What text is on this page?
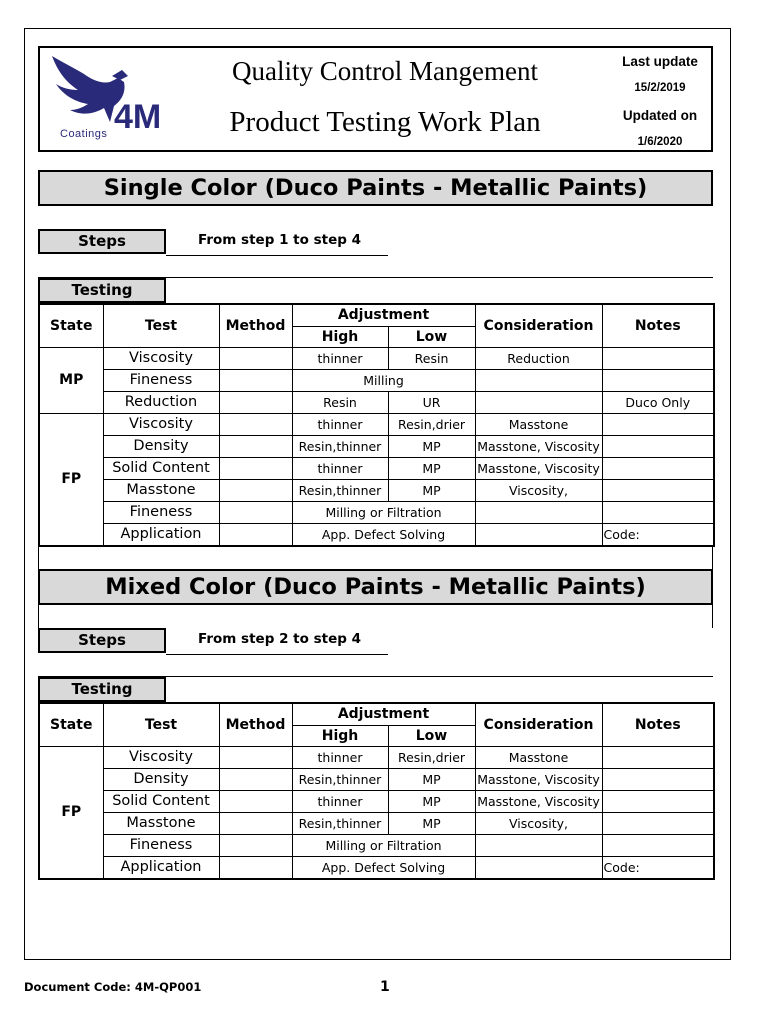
4M
Coatings
Quality Control Mangement
Product Testing Work Plan
Last update
15/2/2019
Updated on
1/6/2020
Single Color (Duco Paints - Metallic Paints)
Steps	From step 1 to step 4
Testing
State	Test	Method	Adjustment		Consideration	Notes
			High	Low		
MP	Viscosity		thinner	Resin	Reduction	
	Fineness		Milling			
	Reduction		Resin	UR		Duco Only
FP	Viscosity		thinner	Resin,drier	Masstone	
	Density		Resin,thinner	MP	Masstone, Viscosity	
	Solid Content		thinner	MP	Masstone, Viscosity	
	Masstone		Resin,thinner	MP	Viscosity,	
	Fineness		Milling or Filtration			
	Application		App. Defect Solving			Code:
Mixed Color (Duco Paints - Metallic Paints)
Steps	From step 2 to step 4
Testing
State	Test	Method	Adjustment		Consideration	Notes
			High	Low		
FP	Viscosity		thinner	Resin,drier	Masstone	
	Density		Resin,thinner	MP	Masstone, Viscosity	
	Solid Content		thinner	MP	Masstone, Viscosity	
	Masstone		Resin,thinner	MP	Viscosity,	
	Fineness		Milling or Filtration			
	Application		App. Defect Solving			Code:
Document Code: 4M-QP001	1
